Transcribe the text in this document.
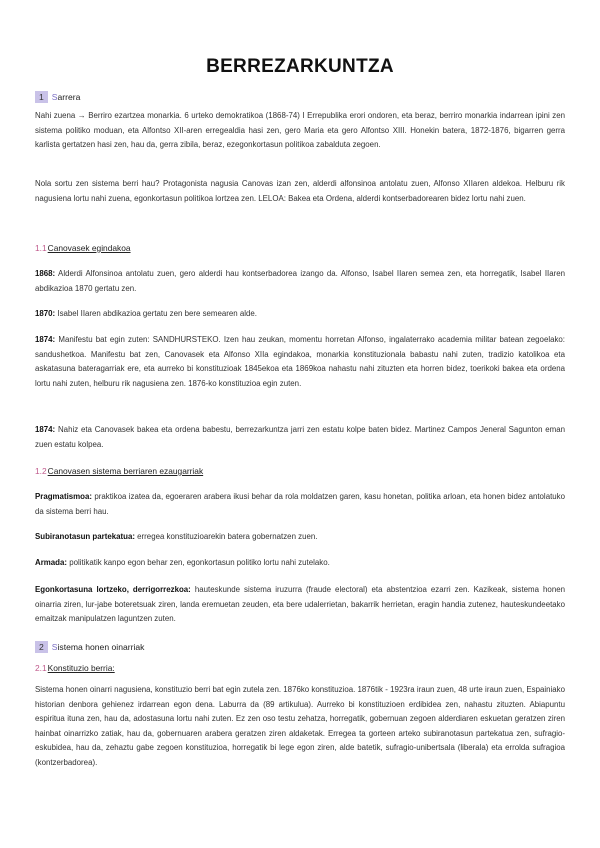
BERREZARKUNTZA
1 Sarrera
Nahi zuena → Berriro ezartzea monarkia. 6 urteko demokratikoa (1868-74) I Errepublika erori ondoren, eta beraz, berriro monarkia indarrean ipini zen sistema politiko moduan, eta Alfontso XII-aren erregealdia hasi zen, gero Maria eta gero Alfontso XIII. Honekin batera, 1872-1876, bigarren gerra karlista gertatzen hasi zen, hau da, gerra zibila, beraz, ezegonkortasun politikoa zabalduta zegoen.
Nola sortu zen sistema berri hau? Protagonista nagusia Canovas izan zen, alderdi alfonsinoa antolatu zuen, Alfonso XIIaren aldekoa. Helburu rik nagusiena lortu nahi zuena, egonkortasun politikoa lortzea zen. LELOA: Bakea eta Ordena, alderdi kontserbadorearen bidez lortu nahi zuen.
1.1Canovasek egindakoa
1868: Alderdi Alfonsinoa antolatu zuen, gero alderdi hau kontserbadorea izango da. Alfonso, Isabel IIaren semea zen, eta horregatik, Isabel IIaren abdikazioa 1870 gertatu zen.
1870: Isabel IIaren abdikazioa gertatu zen bere semearen alde.
1874: Manifestu bat egin zuten: SANDHURSTEKO. Izen hau zeukan, momentu horretan Alfonso, ingalaterrako academia militar batean zegoelako: sandushetkoa. Manifestu bat zen, Canovasek eta Alfonso XIIa egindakoa, monarkia konstituzionala babastu nahi zuten, tradizio katolikoa eta askatasuna bateragarriak ere, eta aurreko bi konstituzioak 1845ekoa eta 1869koa nahastu nahi zituzten eta horren bidez, toerikoki bakea eta ordena lortu nahi zuten, helburu rik nagusiena zen. 1876-ko konstituzioa egin zuten.
1874: Nahiz eta Canovasek bakea eta ordena babestu, berrezarkuntza jarri zen estatu kolpe baten bidez. Martinez Campos Jeneral Sagunton eman zuen estatu kolpea.
1.2Canovasen sistema berriaren ezaugarriak
Pragmatismoa: praktikoa izatea da, egoeraren arabera ikusi behar da rola moldatzen garen, kasu honetan, politika arloan, eta honen bidez antolatuko da sistema berri hau.
Subiranotasun partekatua: erregea konstituzioarekin batera gobernatzen zuen.
Armada: politikatik kanpo egon behar zen, egonkortasun politiko lortu nahi zutelako.
Egonkortasuna lortzeko, derrigorrezkoa: hauteskunde sistema iruzurra (fraude electoral) eta abstentzioa ezarri zen. Kazikeak, sistema honen oinarria ziren, lur-jabe boteretsuak ziren, landa eremuetan zeuden, eta bere udalerrietan, bakarrik herrietan, eragin handia zutenez, hauteskundeetako emaitzak manipulatzen laguntzen zuten.
2 Sistema honen oinarriak
2.1Konstituzio berria:
Sistema honen oinarri nagusiena, konstituzio berri bat egin zutela zen. 1876ko konstituzioa. 1876tik - 1923ra iraun zuen, 48 urte iraun zuen, Espainiako historian denbora gehienez irdarrean egon dena. Laburra da (89 artikulua). Aurreko bi konstituzioen erdibidea zen, nahastu zituzten. Abiapuntu espiritua ituna zen, hau da, adostasuna lortu nahi zuten. Ez zen oso testu zehatza, horregatik, gobernuan zegoen alderdiaren eskuetan geratzen ziren hainbat oinarrizko zatiak, hau da, gobernuaren arabera geratzen ziren aldaketak. Erregea ta gorteen arteko subiranotasun partekatua zen, sufragio-eskubidea, hau da, zehaztu gabe zegoen konstituzioa, horregatik bi lege egon ziren, alde batetik, sufragio-unibertsala (liberala) eta errolda sufragioa (kontzerbadorea).
